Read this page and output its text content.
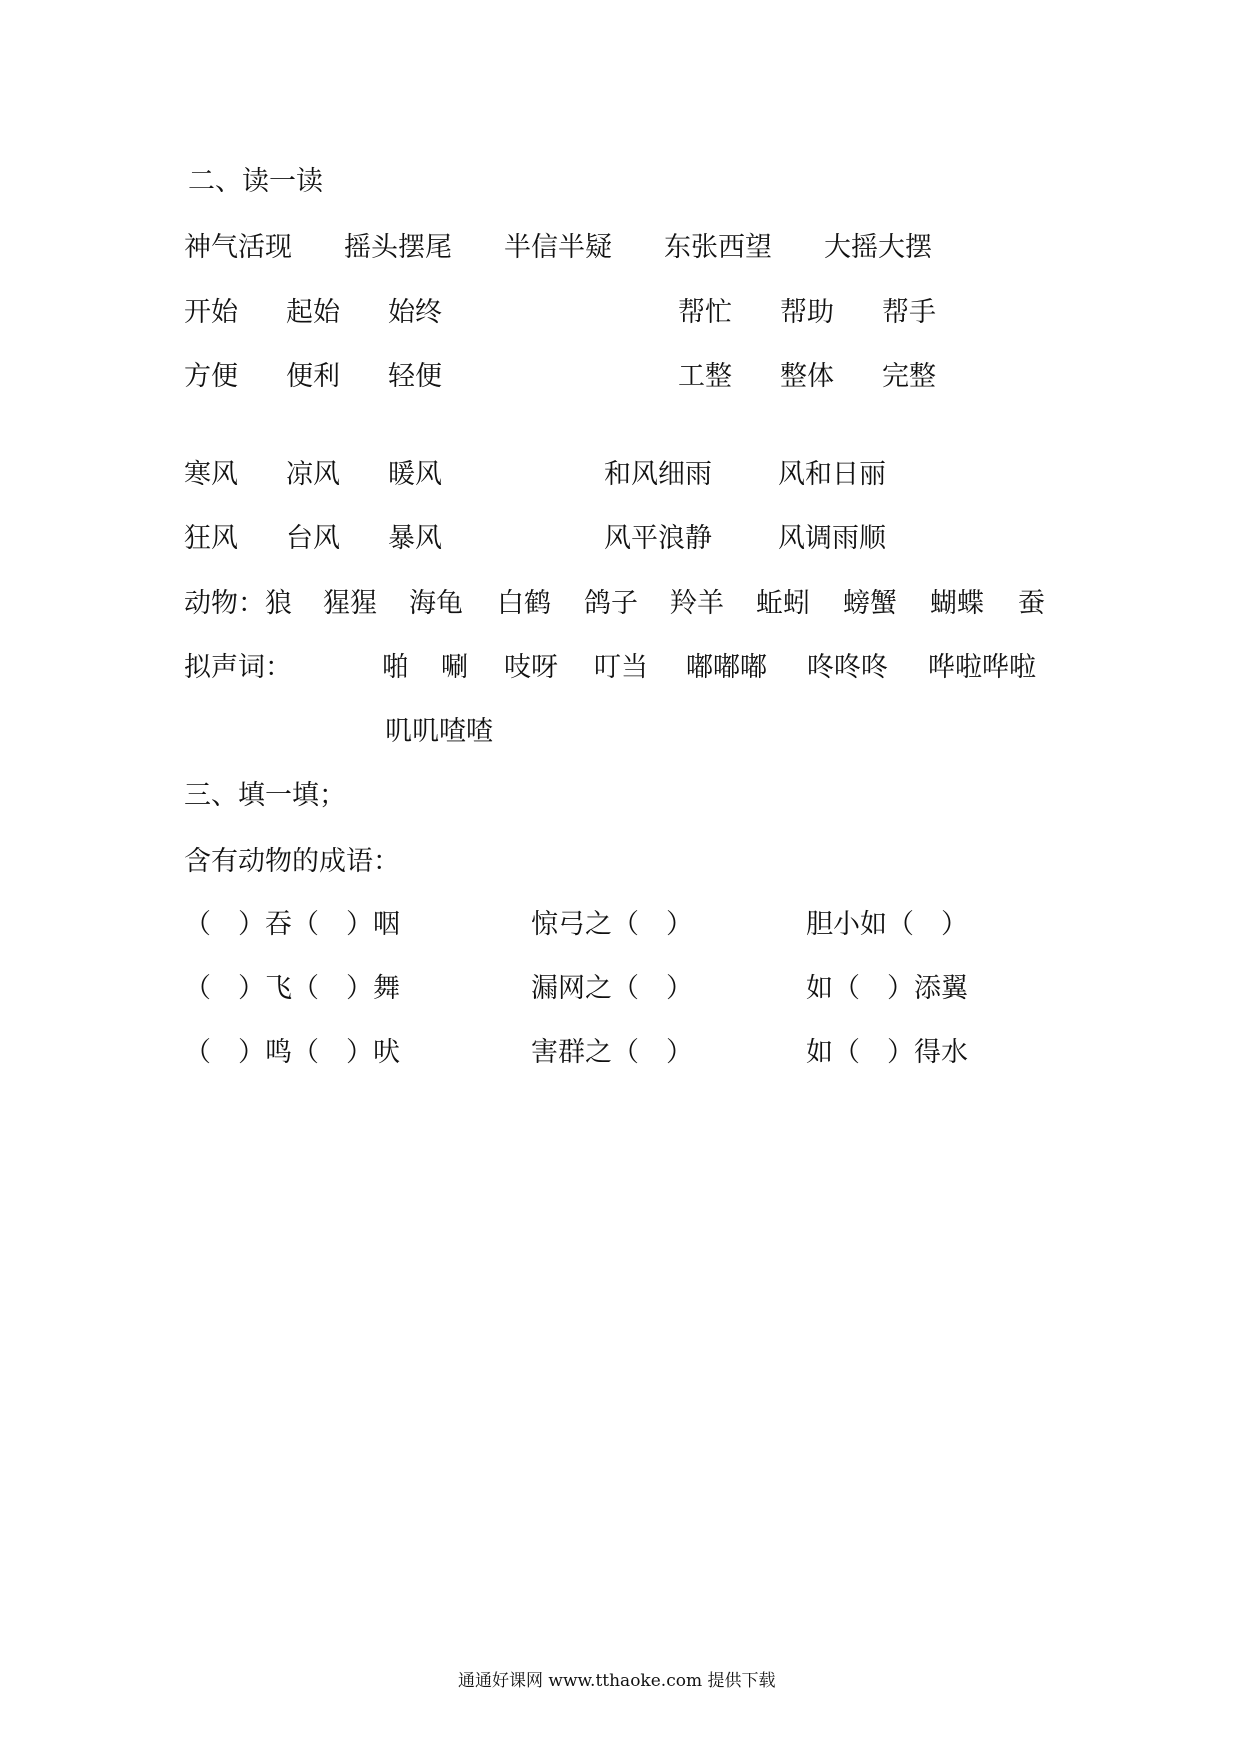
二、读一读
神气活现 摇头摆尾 半信半疑 东张西望 大摇大摆
开始 起始 始终	帮忙 帮助 帮手
方便 便利 轻便	工整 整体 完整
寒风 凉风 暖风	和风细雨 风和日丽
狂风 台风 暴风	风平浪静 风调雨顺
动物： 狼 猩猩 海龟 白鹤 鸽子 羚羊 蚯蚓 螃蟹 蝴蝶 蚕
拟声词：	啪 唰 吱呀 叮当 嘟嘟嘟 咚咚咚 哗啦哗啦
叽叽喳喳
三、填一填；
含有动物的成语：
（　）吞（　）咽	惊弓之（　）	胆小如（　）
（　）飞（　）舞	漏网之（　）	如（　）添翼
（　）鸣（　）吠	害群之（　）	如（　）得水
通通好课网 www.tthaoke.com 提供下载
